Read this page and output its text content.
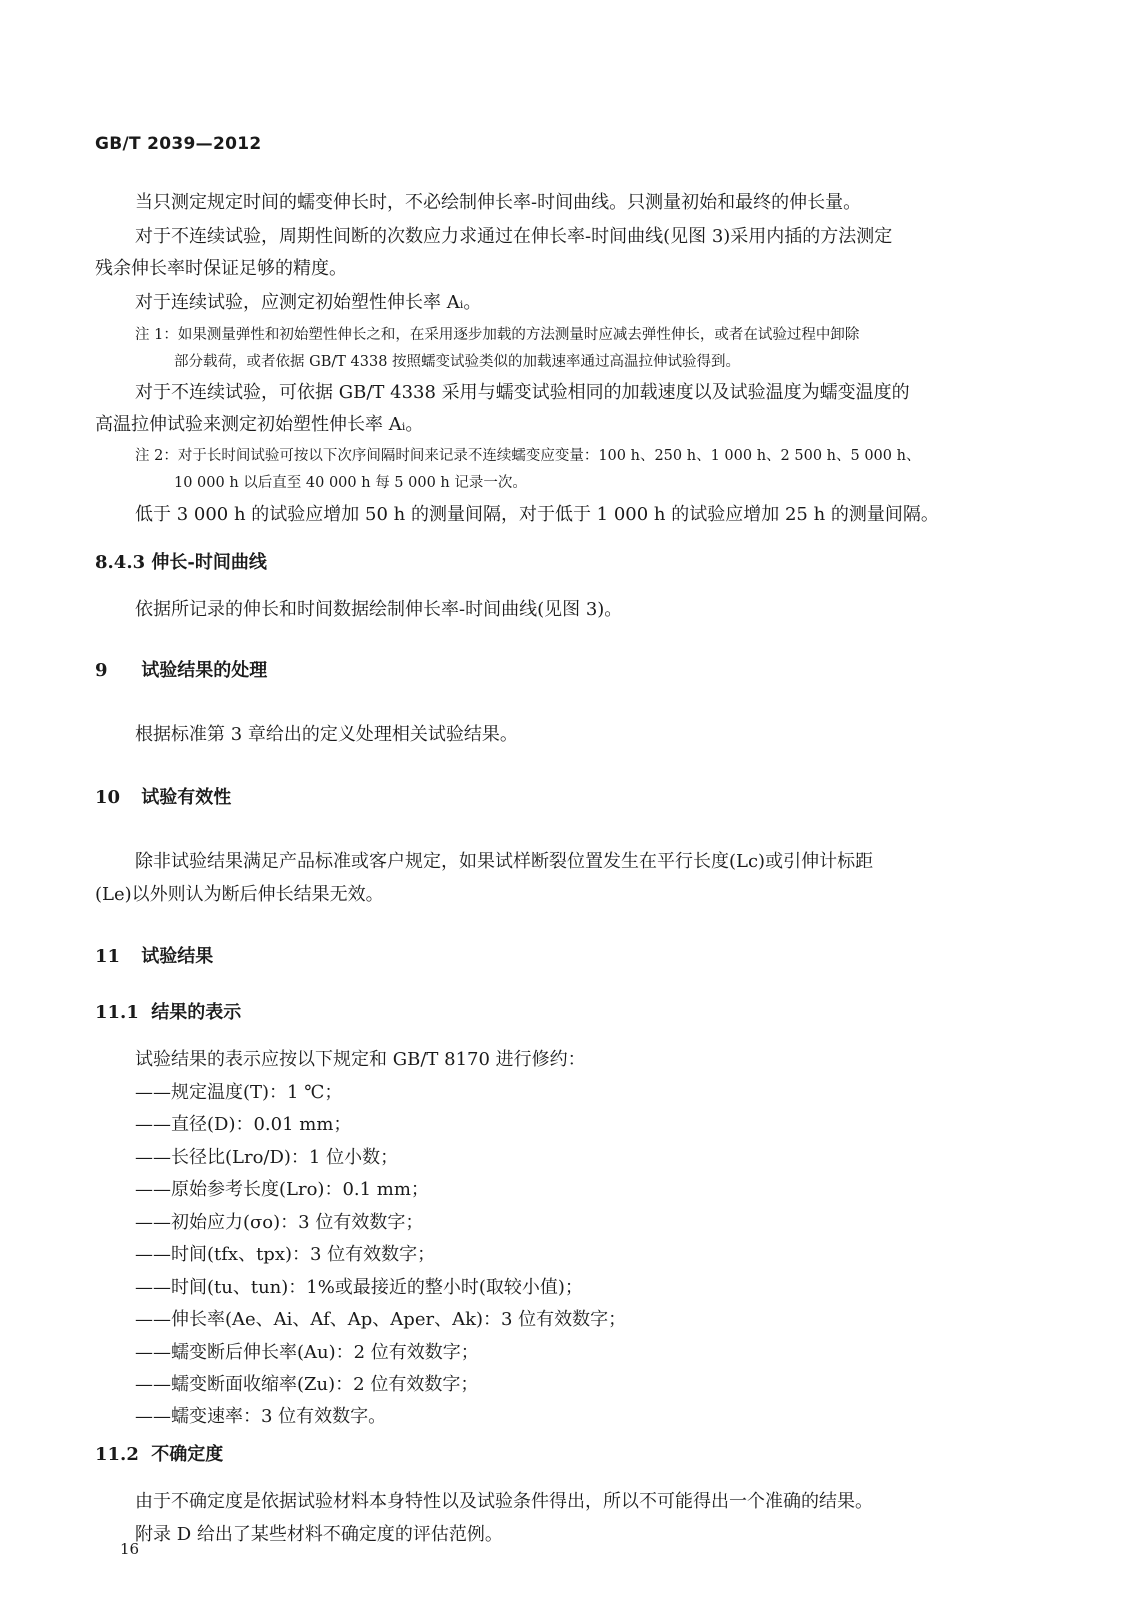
GB/T 2039—2012
当只测定规定时间的蠕变伸长时，不必绘制伸长率-时间曲线。只测量初始和最终的伸长量。
对于不连续试验，周期性间断的次数应力求通过在伸长率-时间曲线(见图 3)采用内插的方法测定
残余伸长率时保证足够的精度。
对于连续试验，应测定初始塑性伸长率 Aᵢ。
注 1：如果测量弹性和初始塑性伸长之和，在采用逐步加载的方法测量时应减去弹性伸长，或者在试验过程中卸除
部分载荷，或者依据 GB/T 4338 按照蠕变试验类似的加载速率通过高温拉伸试验得到。
对于不连续试验，可依据 GB/T 4338 采用与蠕变试验相同的加载速度以及试验温度为蠕变温度的
高温拉伸试验来测定初始塑性伸长率 Aᵢ。
注 2：对于长时间试验可按以下次序间隔时间来记录不连续蠕变应变量：100 h、250 h、1 000 h、2 500 h、5 000 h、
10 000 h 以后直至 40 000 h 每 5 000 h 记录一次。
低于 3 000 h 的试验应增加 50 h 的测量间隔，对于低于 1 000 h 的试验应增加 25 h 的测量间隔。
8.4.3 伸长-时间曲线
依据所记录的伸长和时间数据绘制伸长率-时间曲线(见图 3)。
9 试验结果的处理
根据标准第 3 章给出的定义处理相关试验结果。
10 试验有效性
除非试验结果满足产品标准或客户规定，如果试样断裂位置发生在平行长度(Lc)或引伸计标距
(Le)以外则认为断后伸长结果无效。
11 试验结果
11.1 结果的表示
试验结果的表示应按以下规定和 GB/T 8170 进行修约：
——规定温度(T)：1 ℃；
——直径(D)：0.01 mm；
——长径比(Lro/D)：1 位小数；
——原始参考长度(Lro)：0.1 mm；
——初始应力(σo)：3 位有效数字；
——时间(tfx、tpx)：3 位有效数字；
——时间(tu、tun)：1%或最接近的整小时(取较小值)；
——伸长率(Ae、Ai、Af、Ap、Aper、Ak)：3 位有效数字；
——蠕变断后伸长率(Au)：2 位有效数字；
——蠕变断面收缩率(Zu)：2 位有效数字；
——蠕变速率：3 位有效数字。
11.2 不确定度
由于不确定度是依据试验材料本身特性以及试验条件得出，所以不可能得出一个准确的结果。
附录 D 给出了某些材料不确定度的评估范例。
16
